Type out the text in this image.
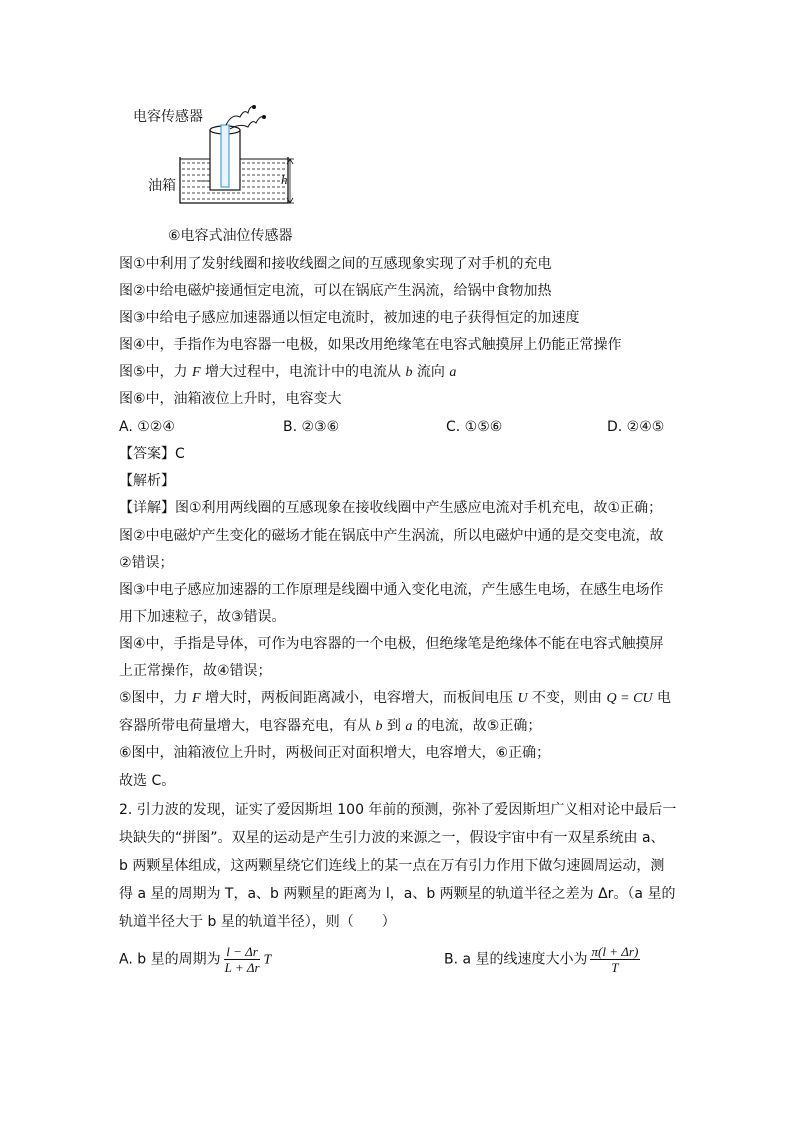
电容传感器
油箱	h
⑥电容式油位传感器
图①中利用了发射线圈和接收线圈之间的互感现象实现了对手机的充电
图②中给电磁炉接通恒定电流，可以在锅底产生涡流，给锅中食物加热
图③中给电子感应加速器通以恒定电流时，被加速的电子获得恒定的加速度
图④中，手指作为电容器一电极，如果改用绝缘笔在电容式触摸屏上仍能正常操作
图⑤中，力 F 增大过程中，电流计中的电流从 b 流向 a
图⑥中，油箱液位上升时，电容变大
A. ①②④	B. ②③⑥	C. ①⑤⑥	D. ②④⑤
【答案】C
【解析】
【详解】图①利用两线圈的互感现象在接收线圈中产生感应电流对手机充电，故①正确；
图②中电磁炉产生变化的磁场才能在锅底中产生涡流，所以电磁炉中通的是交变电流，故
②错误；
图③中电子感应加速器的工作原理是线圈中通入变化电流，产生感生电场，在感生电场作
用下加速粒子，故③错误。
图④中，手指是导体，可作为电容器的一个电极，但绝缘笔是绝缘体不能在电容式触摸屏
上正常操作，故④错误；
⑤图中，力 F 增大时，两板间距离减小，电容增大，而板间电压 U 不变，则由 Q = CU 电
容器所带电荷量增大，电容器充电，有从 b 到 a 的电流，故⑤正确；
⑥图中，油箱液位上升时，两极间正对面积增大，电容增大，⑥正确；
故选 C。
2. 引力波的发现，证实了爱因斯坦 100 年前的预测，弥补了爱因斯坦广义相对论中最后一
块缺失的“拼图”。双星的运动是产生引力波的来源之一，假设宇宙中有一双星系统由 a、
b 两颗星体组成，这两颗星绕它们连线上的某一点在万有引力作用下做匀速圆周运动，测
得 a 星的周期为 T，a、b 两颗星的距离为 l，a、b 两颗星的轨道半径之差为 Δr。（a 星的
轨道半径大于 b 星的轨道半径），则（　　）
A. b 星的周期为 $\frac{l - \Delta r}{L + \Delta r}$ T	B. a 星的线速度大小为 $\frac{\pi(l + \Delta r)}{T}$
